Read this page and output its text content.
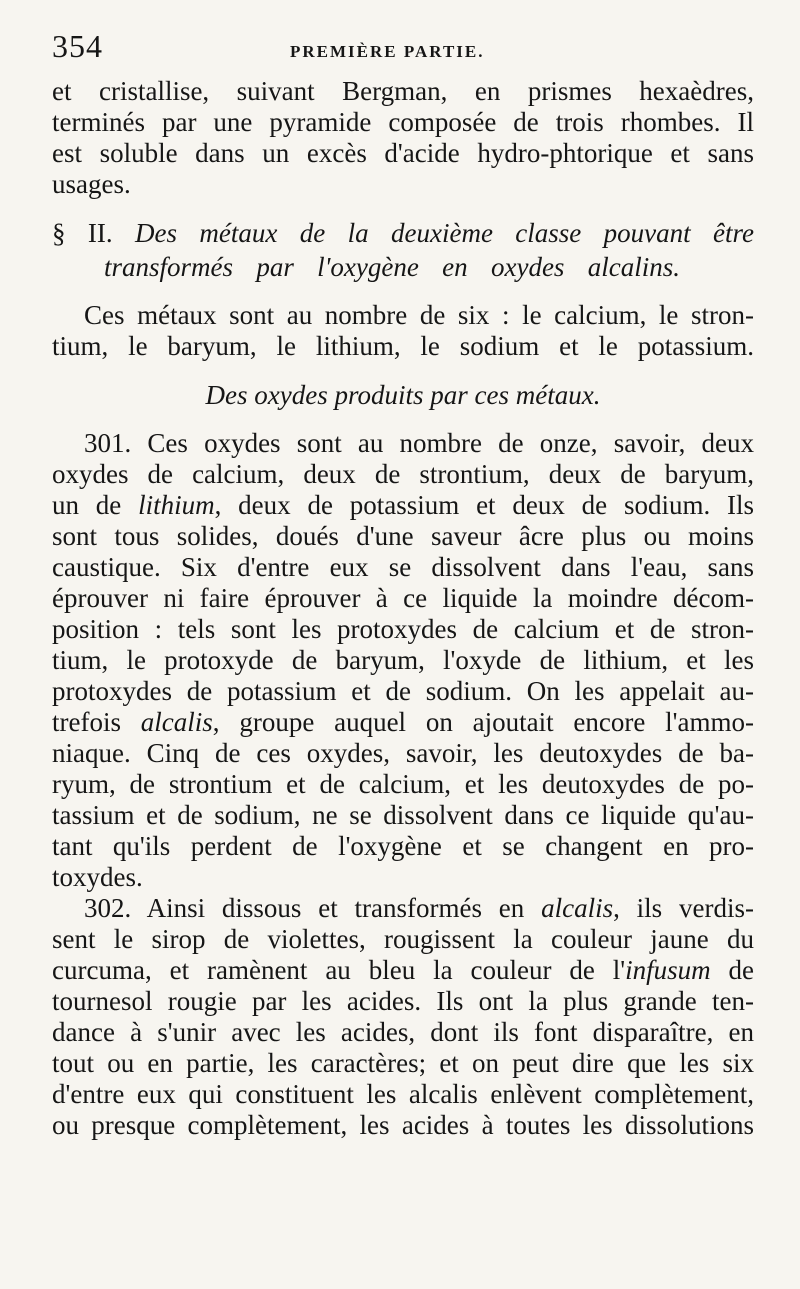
354	PREMIÈRE PARTIE.
et cristallise, suivant Bergman, en prismes hexaèdres,
terminés par une pyramide composée de trois rhombes. Il
est soluble dans un excès d'acide hydro-phtorique et sans
usages.
§ II. Des métaux de la deuxième classe pouvant être
transformés par l'oxygène en oxydes alcalins.
Ces métaux sont au nombre de six : le calcium, le stron-
tium, le baryum, le lithium, le sodium et le potassium.
Des oxydes produits par ces métaux.
301. Ces oxydes sont au nombre de onze, savoir, deux
oxydes de calcium, deux de strontium, deux de baryum,
un de lithium, deux de potassium et deux de sodium. Ils
sont tous solides, doués d'une saveur âcre plus ou moins
caustique. Six d'entre eux se dissolvent dans l'eau, sans
éprouver ni faire éprouver à ce liquide la moindre décom-
position : tels sont les protoxydes de calcium et de stron-
tium, le protoxyde de baryum, l'oxyde de lithium, et les
protoxydes de potassium et de sodium. On les appelait au-
trefois alcalis, groupe auquel on ajoutait encore l'ammo-
niaque. Cinq de ces oxydes, savoir, les deutoxydes de ba-
ryum, de strontium et de calcium, et les deutoxydes de po-
tassium et de sodium, ne se dissolvent dans ce liquide qu'au-
tant qu'ils perdent de l'oxygène et se changent en pro-
toxydes.
302. Ainsi dissous et transformés en alcalis, ils verdis-
sent le sirop de violettes, rougissent la couleur jaune du
curcuma, et ramènent au bleu la couleur de l'infusum de
tournesol rougie par les acides. Ils ont la plus grande ten-
dance à s'unir avec les acides, dont ils font disparaître, en
tout ou en partie, les caractères; et on peut dire que les six
d'entre eux qui constituent les alcalis enlèvent complètement,
ou presque complètement, les acides à toutes les dissolutions
